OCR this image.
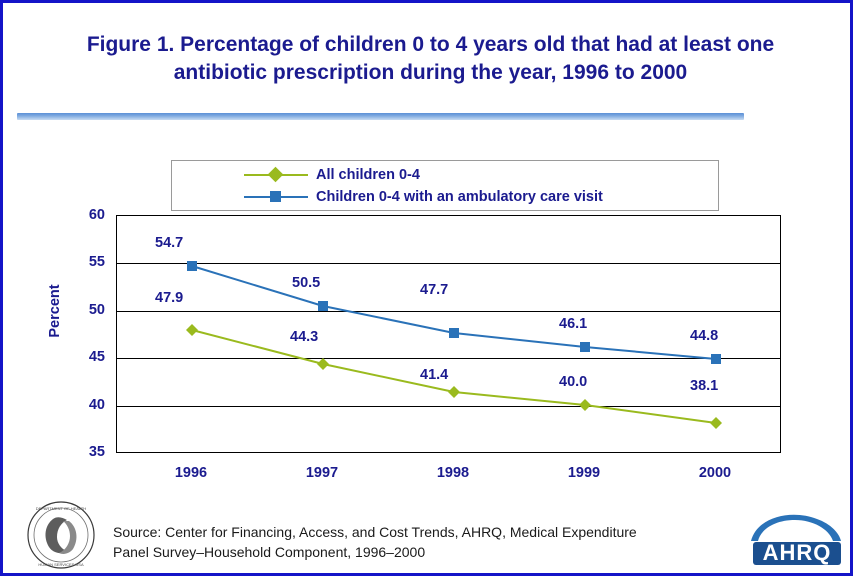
Figure 1. Percentage of children 0 to 4 years old that had at least one antibiotic prescription during the year, 1996 to 2000
All children 0-4
Children 0-4 with an ambulatory care visit
Percent
60
55
50
45
40
35
54.7
50.5	47.7
46.1
44.8
47.9
44.3
41.4	40.0	38.1
1996	1997	1998	1999	2000
DEPARTMENT OF HEALTH
HUMAN SERVICES USA
Source: Center for Financing, Access, and Cost Trends, AHRQ, Medical Expenditure
Panel Survey–Household Component, 1996–2000	AHRQ
